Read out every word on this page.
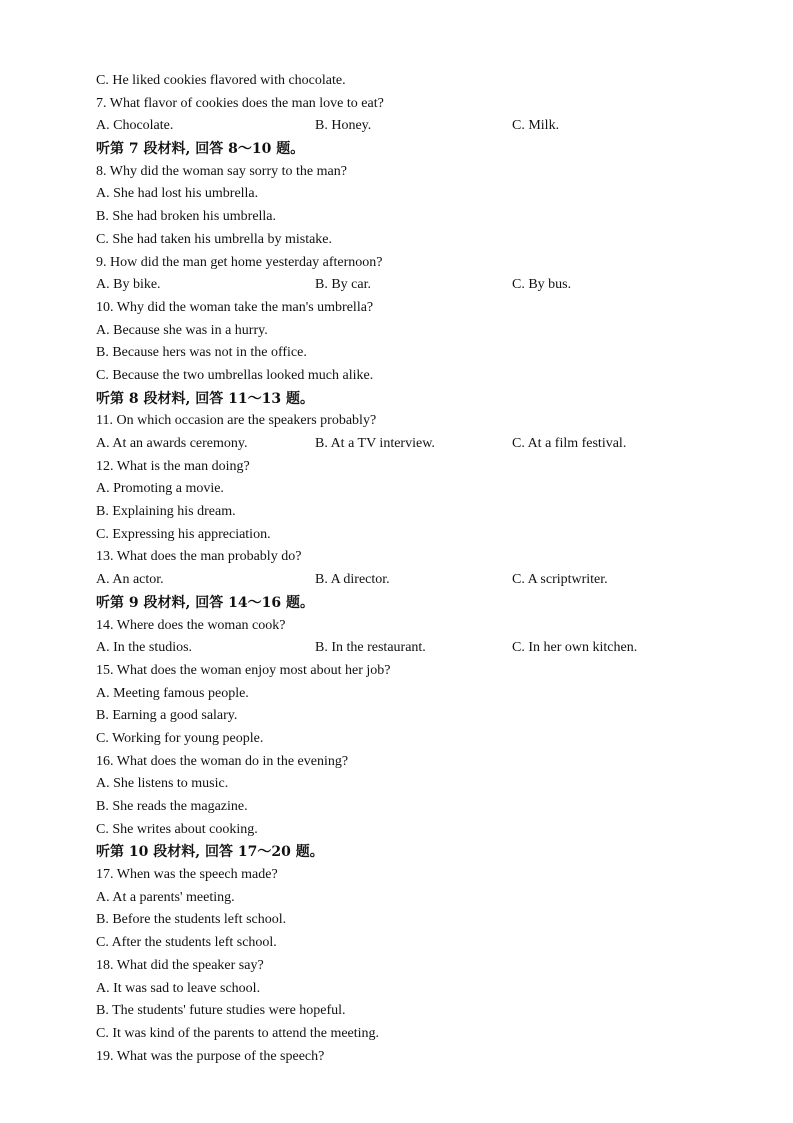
C. He liked cookies flavored with chocolate.
7. What flavor of cookies does the man love to eat?
A. Chocolate.	B. Honey.	C. Milk.
听第 7 段材料, 回答 8～10 题。
8. Why did the woman say sorry to the man?
A. She had lost his umbrella.
B. She had broken his umbrella.
C. She had taken his umbrella by mistake.
9. How did the man get home yesterday afternoon?
A. By bike.	B. By car.	C. By bus.
10. Why did the woman take the man's umbrella?
A. Because she was in a hurry.
B. Because hers was not in the office.
C. Because the two umbrellas looked much alike.
听第 8 段材料, 回答 11～13 题。
11. On which occasion are the speakers probably?
A. At an awards ceremony.	B. At a TV interview.	C. At a film festival.
12. What is the man doing?
A. Promoting a movie.
B. Explaining his dream.
C. Expressing his appreciation.
13. What does the man probably do?
A. An actor.	B. A director.	C. A scriptwriter.
听第 9 段材料, 回答 14～16 题。
14. Where does the woman cook?
A. In the studios.	B. In the restaurant.	C. In her own kitchen.
15. What does the woman enjoy most about her job?
A. Meeting famous people.
B. Earning a good salary.
C. Working for young people.
16. What does the woman do in the evening?
A. She listens to music.
B. She reads the magazine.
C. She writes about cooking.
听第 10 段材料, 回答 17～20 题。
17. When was the speech made?
A. At a parents' meeting.
B. Before the students left school.
C. After the students left school.
18. What did the speaker say?
A. It was sad to leave school.
B. The students' future studies were hopeful.
C. It was kind of the parents to attend the meeting.
19. What was the purpose of the speech?
